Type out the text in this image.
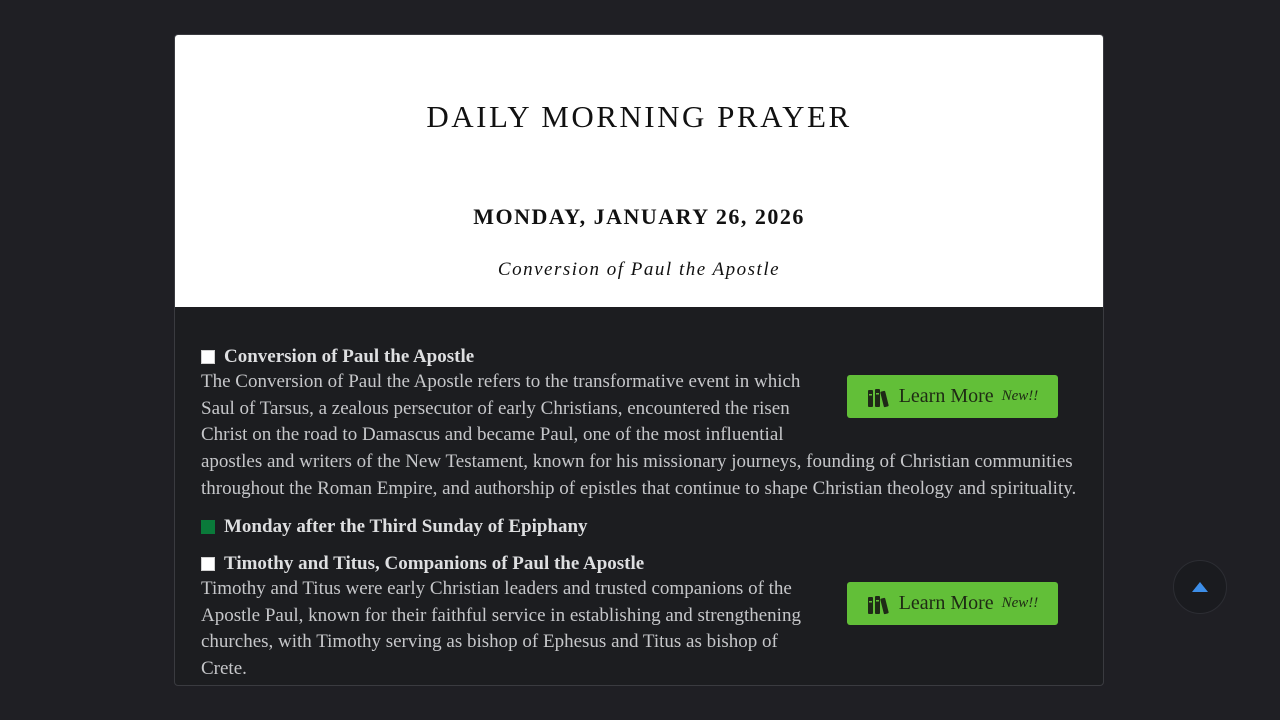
DAILY MORNING PRAYER
MONDAY, JANUARY 26, 2026

Conversion of Paul the Apostle

Conversion of Paul the Apostle
Learn More New!!

The Conversion of Paul the Apostle refers to the transformative event in which Saul of Tarsus, a zealous persecutor of early Christians, encountered the risen Christ on the road to Damascus and became Paul, one of the most influential apostles and writers of the New Testament, known for his missionary journeys, founding of Christian communities throughout the Roman Empire, and authorship of epistles that continue to shape Christian theology and spirituality.

Monday after the Third Sunday of Epiphany
Timothy and Titus, Companions of Paul the Apostle
Learn More New!!

Timothy and Titus were early Christian leaders and trusted companions of the Apostle Paul, known for their faithful service in establishing and strengthening churches, with Timothy serving as bishop of Ephesus and Titus as bishop of Crete.
